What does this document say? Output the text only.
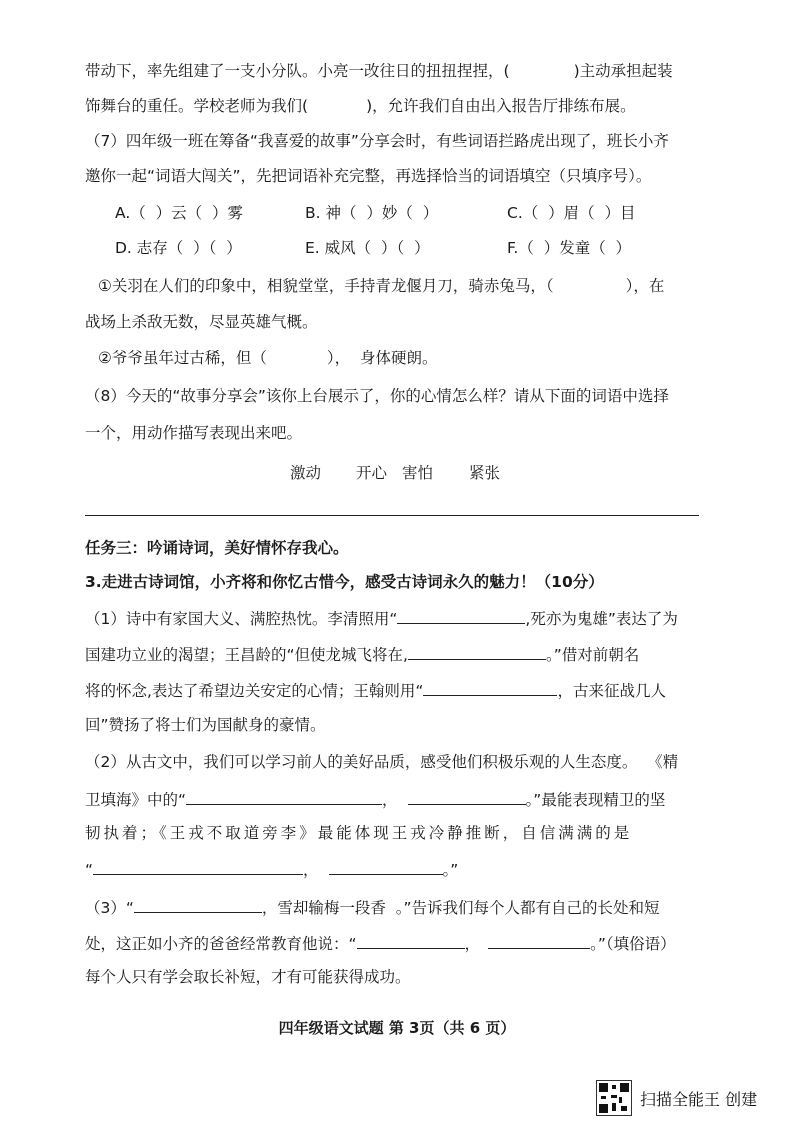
带动下，率先组建了一支小分队。小亮一改往日的扭扭捏捏，(	)主动承担起装
饰舞台的重任。学校老师为我们(	)，允许我们自由出入报告厅排练布展。
（7）四年级一班在筹备“我喜爱的故事”分享会时，有些词语拦路虎出现了，班长小齐
邀你一起“词语大闯关”，先把词语补充完整，再选择恰当的词语填空（只填序号）。
A.（  ）云（  ）雾	B. 神（  ）妙（  ）	C.（  ）眉（  ）目
D. 志存（  ）（  ）	E. 威风（  ）（  ）	F.（  ）发童（  ）
①关羽在人们的印象中，相貌堂堂，手持青龙偃月刀，骑赤兔马，（	），在
战场上杀敌无数，尽显英雄气概。
②爷爷虽年过古稀，但（	），  身体硬朗。
（8）今天的“故事分享会”该你上台展示了，你的心情怎么样？请从下面的词语中选择
一个，用动作描写表现出来吧。
激动	开心 害怕	紧张
任务三：吟诵诗词，美好情怀存我心。
3.走进古诗词馆，小齐将和你忆古惜今，感受古诗词永久的魅力！（10分）
（1）诗中有家国大义、满腔热忱。李清照用“	,死亦为鬼雄”表达了为
国建功立业的渴望；王昌龄的“但使龙城飞将在,	。”借对前朝名
将的怀念,表达了希望边关安定的心情；王翰则用“	，古来征战几人
回”赞扬了将士们为国献身的豪情。
（2）从古文中，我们可以学习前人的美好品质，感受他们积极乐观的人生态度。  《精
卫填海》中的“	，	。”最能表现精卫的坚
韧执着；《王戎不取道旁李》最能体现王戎冷静推断，自信满满的是
“	，	。”
（3）“	，雪却输梅一段香  。”告诉我们每个人都有自己的长处和短
处，这正如小齐的爸爸经常教育他说：“	，	。”（填俗语）
每个人只有学会取长补短，才有可能获得成功。
四年级语文试题 第 3页（共 6 页）
扫描全能王 创建
